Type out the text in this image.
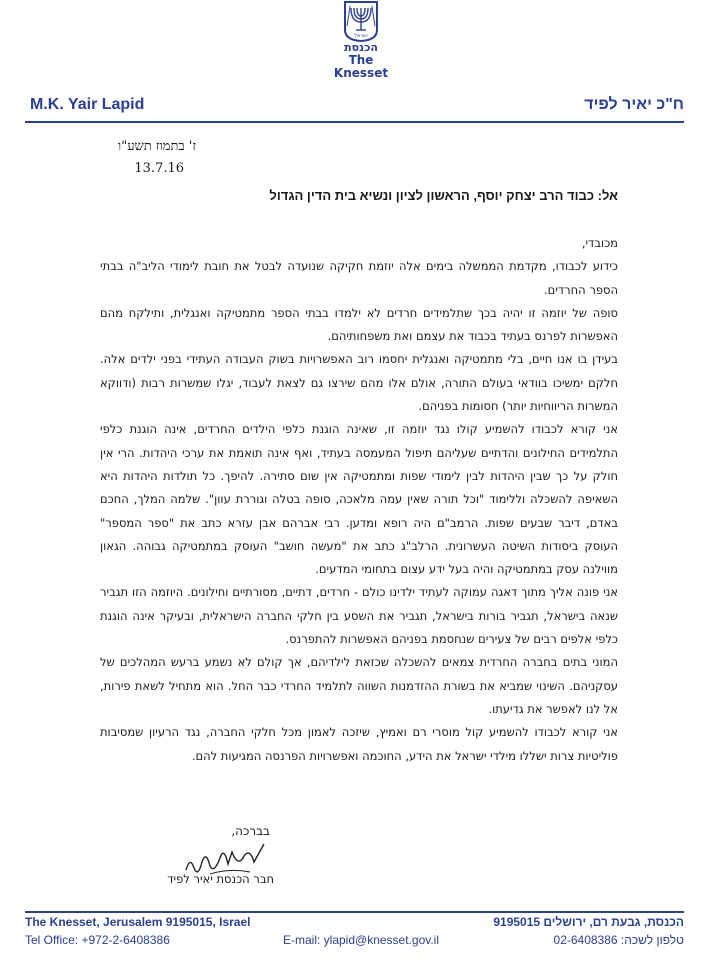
ישראל
הכנסת
The Knesset
M.K. Yair Lapid	ח"כ יאיר לפיד
ז' בתמוז תשע"ו
13.7.16
אל: כבוד הרב יצחק יוסף, הראשון לציון ונשיא בית הדין הגדול

מכובדי,

כידוע לכבודו, מקדמת הממשלה בימים אלה יוזמת חקיקה שנועדה לבטל את חובת לימודי הליב"ה בבתי הספר החרדים.

סופה של יוזמה זו יהיה בכך שתלמידים חרדים לא ילמדו בבתי הספר מתמטיקה ואנגלית, ותילקח מהם האפשרות לפרנס בעתיד בכבוד את עצמם ואת משפחותיהם.

בעידן בו אנו חיים, בלי מתמטיקה ואנגלית יחסמו רוב האפשרויות בשוק העבודה העתידי בפני ילדים אלה. חלקם ימשיכו בוודאי בעולם התורה, אולם אלו מהם שירצו גם לצאת לעבוד, יגלו שמשרות רבות (ודווקא המשרות הריווחיות יותר) חסומות בפניהם.

אני קורא לכבודו להשמיע קולו נגד יוזמה זו, שאינה הוגנת כלפי הילדים החרדים, אינה הוגנת כלפי התלמידים החילונים והדתיים שעליהם תיפול המעמסה בעתיד, ואף אינה תואמת את ערכי היהדות. הרי אין חולק על כך שבין היהדות לבין לימודי שפות ומתמטיקה אין שום סתירה. להיפך. כל תולדות היהדות היא השאיפה להשכלה וללימוד "וכל תורה שאין עמה מלאכה, סופה בטלה וגוררת עוון". שלמה המלך, החכם באדם, דיבר שבעים שפות. הרמב"ם היה רופא ומדען. רבי אברהם אבן עזרא כתב את "ספר המספר" העוסק ביסודות השיטה העשרונית. הרלב"ג כתב את "מעשה חושב" העוסק במתמטיקה גבוהה. הגאון מווילנה עסק במתמטיקה והיה בעל ידע עצום בתחומי המדעים.

אני פונה אליך מתוך דאגה עמוקה לעתיד ילדינו כולם - חרדים, דתיים, מסורתיים וחילונים. היוזמה הזו תגביר שנאה בישראל, תגביר בורות בישראל, תגביר את השסע בין חלקי החברה הישראלית, ובעיקר אינה הוגנת כלפי אלפים רבים של צעירים שנחסמת בפניהם האפשרות להתפרנס.

המוני בתים בחברה החרדית צמאים להשכלה שכזאת לילדיהם, אך קולם לא נשמע ברעש המהלכים של עסקניהם. השינוי שמביא את בשורת ההזדמנות השווה לתלמיד החרדי כבר החל. הוא מתחיל לשאת פירות, אל לנו לאפשר את גדיעתו.

אני קורא לכבודו להשמיע קול מוסרי רם ואמיץ, שיזכה לאמון מכל חלקי החברה, נגד הרעיון שמסיבות פוליטיות צרות ישללו מילדי ישראל את הידע, החוכמה ואפשרויות הפרנסה המגיעות להם.

בברכה,
חבר הכנסת יאיר לפיד
The Knesset, Jerusalem 9195015, Israel
Tel Office: +972-2-6408386	E-mail: ylapid@knesset.gov.il
הכנסת, גבעת רם, ירושלים 9195015
טלפון לשכה: 02-6408386
